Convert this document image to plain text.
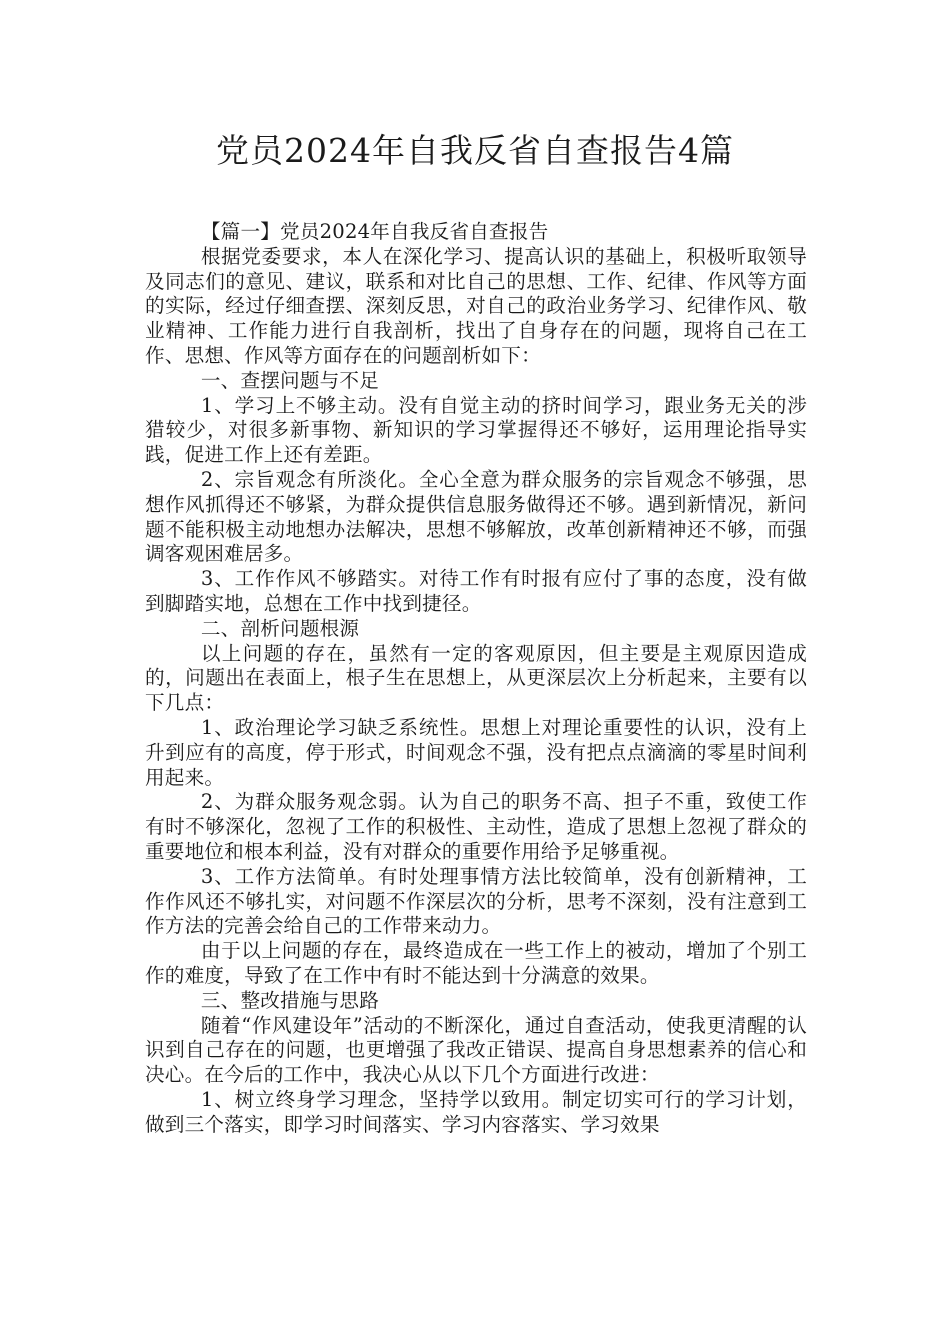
党员2024年自我反省自查报告4篇

【篇一】党员2024年自我反省自查报告

根据党委要求，本人在深化学习、提高认识的基础上，积极听取领导及同志们的意见、建议，联系和对比自己的思想、工作、纪律、作风等方面的实际，经过仔细查摆、深刻反思，对自己的政治业务学习、纪律作风、敬业精神、工作能力进行自我剖析，找出了自身存在的问题，现将自己在工作、思想、作风等方面存在的问题剖析如下：

一、查摆问题与不足

1、学习上不够主动。没有自觉主动的挤时间学习，跟业务无关的涉猎较少，对很多新事物、新知识的学习掌握得还不够好，运用理论指导实践，促进工作上还有差距。

2、宗旨观念有所淡化。全心全意为群众服务的宗旨观念不够强，思想作风抓得还不够紧，为群众提供信息服务做得还不够。遇到新情况，新问题不能积极主动地想办法解决，思想不够解放，改革创新精神还不够，而强调客观困难居多。

3、工作作风不够踏实。对待工作有时报有应付了事的态度，没有做到脚踏实地，总想在工作中找到捷径。

二、剖析问题根源

以上问题的存在，虽然有一定的客观原因，但主要是主观原因造成的，问题出在表面上，根子生在思想上，从更深层次上分析起来，主要有以下几点：

1、政治理论学习缺乏系统性。思想上对理论重要性的认识，没有上升到应有的高度，停于形式，时间观念不强，没有把点点滴滴的零星时间利用起来。

2、为群众服务观念弱。认为自己的职务不高、担子不重，致使工作有时不够深化，忽视了工作的积极性、主动性，造成了思想上忽视了群众的重要地位和根本利益，没有对群众的重要作用给予足够重视。

3、工作方法简单。有时处理事情方法比较简单，没有创新精神，工作作风还不够扎实，对问题不作深层次的分析，思考不深刻，没有注意到工作方法的完善会给自己的工作带来动力。

由于以上问题的存在，最终造成在一些工作上的被动，增加了个别工作的难度，导致了在工作中有时不能达到十分满意的效果。

三、整改措施与思路

随着“作风建设年”活动的不断深化，通过自查活动，使我更清醒的认识到自己存在的问题，也更增强了我改正错误、提高自身思想素养的信心和决心。在今后的工作中，我决心从以下几个方面进行改进：

1、树立终身学习理念，坚持学以致用。制定切实可行的学习计划，做到三个落实，即学习时间落实、学习内容落实、学习效果
